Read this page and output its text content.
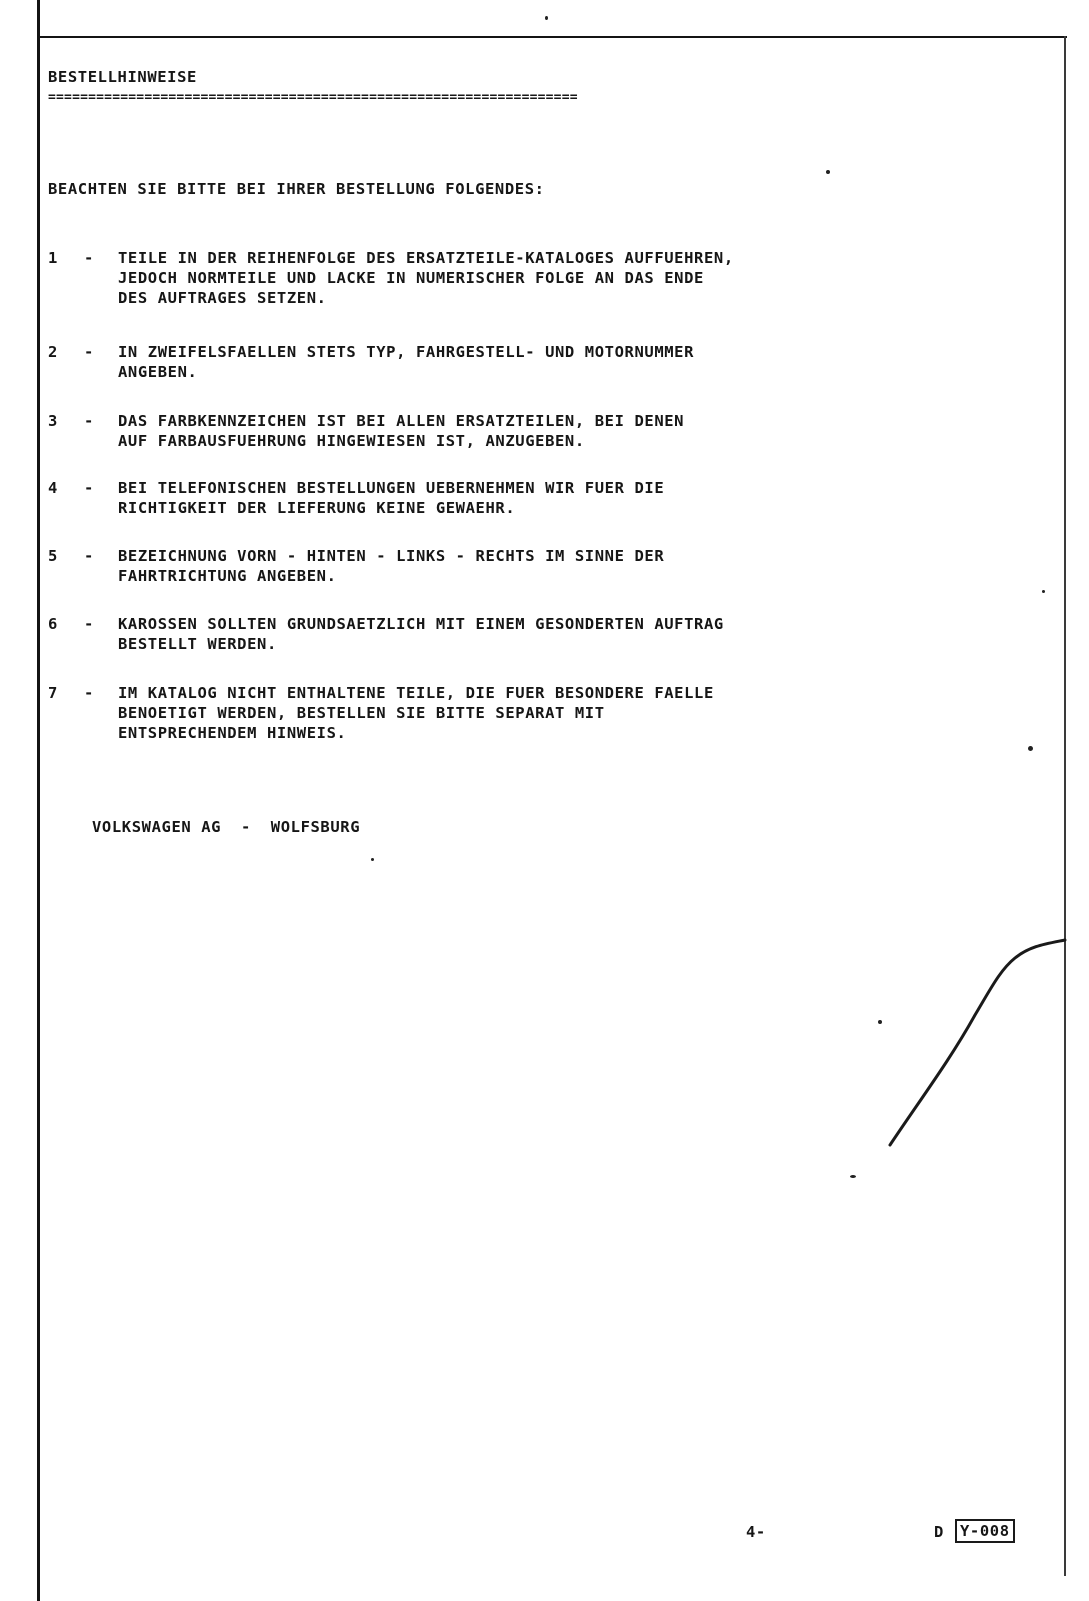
BESTELLHINWEISE
==================================================================
BEACHTEN SIE BITTE BEI IHRER BESTELLUNG FOLGENDES:

1

	-

	TEILE IN DER REIHENFOLGE DES ERSATZTEILE-KATALOGES AUFFUEHREN,
JEDOCH NORMTEILE UND LACKE IN NUMERISCHER FOLGE AN DAS ENDE
DES AUFTRAGES SETZEN.

2

	-

	IN ZWEIFELSFAELLEN STETS TYP, FAHRGESTELL- UND MOTORNUMMER
ANGEBEN.

3

	-

	DAS FARBKENNZEICHEN IST BEI ALLEN ERSATZTEILEN, BEI DENEN
AUF FARBAUSFUEHRUNG HINGEWIESEN IST, ANZUGEBEN.

4

	-

	BEI TELEFONISCHEN BESTELLUNGEN UEBERNEHMEN WIR FUER DIE
RICHTIGKEIT DER LIEFERUNG KEINE GEWAEHR.

5

	-

	BEZEICHNUNG VORN - HINTEN - LINKS - RECHTS IM SINNE DER
FAHRTRICHTUNG ANGEBEN.

6

	-

	KAROSSEN SOLLTEN GRUNDSAETZLICH MIT EINEM GESONDERTEN AUFTRAG
BESTELLT WERDEN.

7

	-

	IM KATALOG NICHT ENTHALTENE TEILE, DIE FUER BESONDERE FAELLE
BENOETIGT WERDEN, BESTELLEN SIE BITTE SEPARAT MIT
ENTSPRECHENDEM HINWEIS.

VOLKSWAGEN AG  -  WOLFSBURG
4-	D	Y-008
